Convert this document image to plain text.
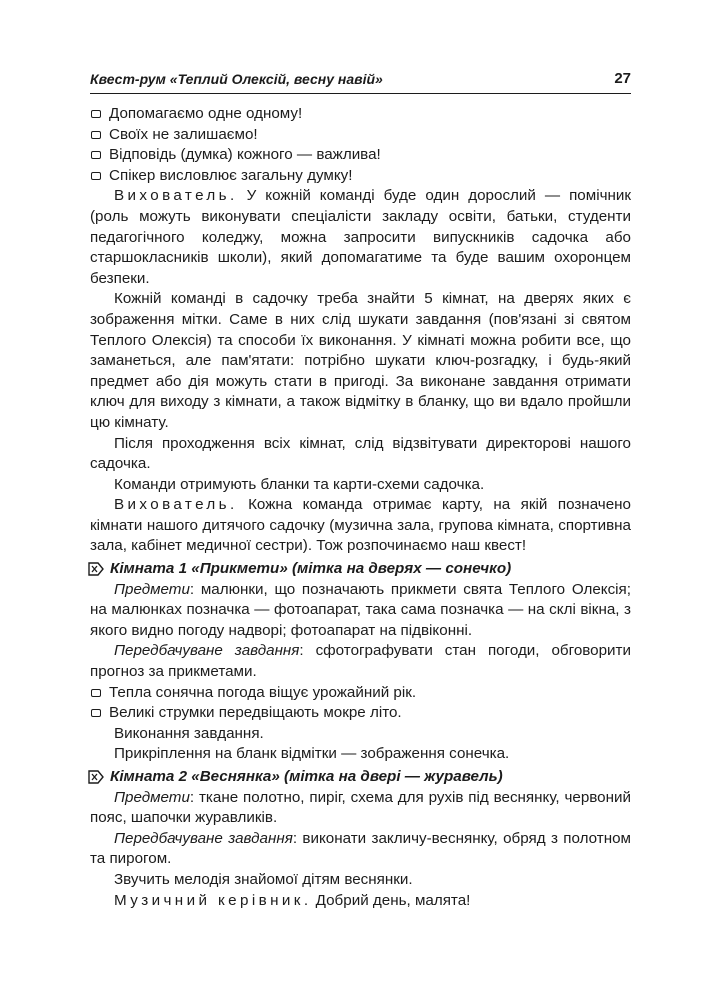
Квест-рум «Теплий Олексій, весну навій»	27
Допомагаємо одне одному!
Своїх не залишаємо!
Відповідь (думка) кожного — важлива!
Спікер висловлює загальну думку!

Вихователь. У кожній команді буде один дорослий — помічник (роль можуть виконувати спеціалісти закладу освіти, батьки, студенти педагогічного коледжу, можна запросити випускників садочка або старшокласників школи), який допомагатиме та буде вашим охоронцем безпеки.

Кожній команді в садочку треба знайти 5 кімнат, на дверях яких є зображення мітки. Саме в них слід шукати завдання (пов'язані зі святом Теплого Олексія) та способи їх виконання. У кімнаті можна робити все, що заманеться, але пам'ятати: потрібно шукати ключ-розгадку, і будь-який предмет або дія можуть стати в пригоді. За виконане завдання отримати ключ для виходу з кімнати, а також відмітку в бланку, що ви вдало пройшли цю кімнату.

Після проходження всіх кімнат, слід відзвітувати директорові нашого садочка.

Команди отримують бланки та карти-схеми садочка.

Вихователь. Кожна команда отримає карту, на якій позначено кімнати нашого дитячого садочку (музична зала, групова кімната, спортивна зала, кабінет медичної сестри). Тож розпочинаємо наш квест!

Кімната 1 «Прикмети» (мітка на дверях — сонечко)

Предмети: малюнки, що позначають прикмети свята Теплого Олексія; на малюнках позначка — фотоапарат, така сама позначка — на склі вікна, з якого видно погоду надворі; фотоапарат на підвіконні.

Передбачуване завдання: сфотографувати стан погоди, обговорити прогноз за прикметами.

Тепла сонячна погода віщує урожайний рік.
Великі струмки передвіщають мокре літо.

Виконання завдання.

Прикріплення на бланк відмітки — зображення сонечка.

Кімната 2 «Веснянка» (мітка на двері — журавель)

Предмети: ткане полотно, пиріг, схема для рухів під веснянку, червоний пояс, шапочки журавликів.

Передбачуване завдання: виконати закличу-веснянку, обряд з полотном та пирогом.

Звучить мелодія знайомої дітям веснянки.

Музичний керівник. Добрий день, малята!
